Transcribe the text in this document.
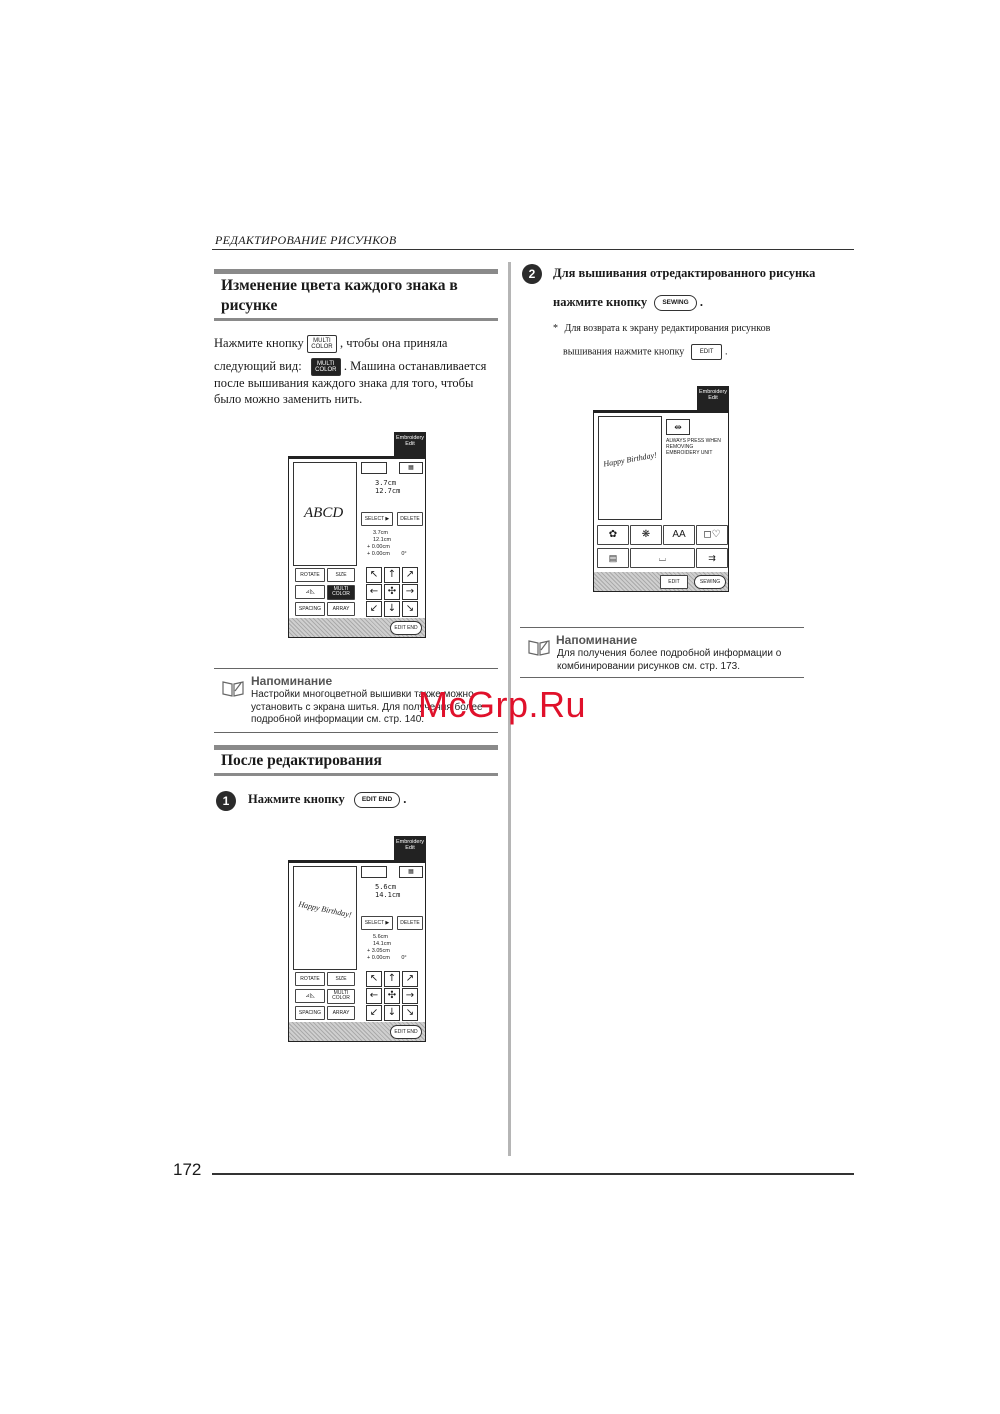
РЕДАКТИРОВАНИЕ РИСУНКОВ
Изменение цвета каждого знака в
рисунке
Нажмите кнопку MULTI COLOR , чтобы она приняла
следующий вид:	MULTI COLOR . Машина останавливается
после вышивания каждого знака для того, чтобы
было можно заменить нить.
Embroidery Edit
ABCD
▦
3.7cm
12.7cm
SELECT ▶	DELETE
3.7cm
12.1cm
+ 0.00cm
+ 0.00cm 0°
ROTATE	SIZE
⊿|◺	MULTI COLOR
SPACING	ARRAY
↖ ↑ ↗
← ✣ →
↙ ↓ ↘
EDIT END
Напоминание
Настройки многоцветной вышивки также можно
установить с экрана шитья. Для получения более
подробной информации см. стр. 140.
После редактирования
1	Нажмите кнопку	EDIT END .
Embroidery Edit
Happy Birthday!
▦
5.6cm
14.1cm
SELECT ▶	DELETE
5.6cm
14.1cm
+ 3.05cm
+ 0.00cm 0°
ROTATE	SIZE
⊿|◺	MULTI COLOR
SPACING	ARRAY
↖ ↑ ↗
← ✣ →
↙ ↓ ↘
EDIT END
2	Для вышивания отредактированного рисунка
нажмите кнопку SEWING .
* Для возврата к экрану редактирования рисунков
вышивания нажмите кнопку	EDIT .
Embroidery Edit
Happy Birthday!
⇹
ALWAYS PRESS WHEN REMOVING EMBROIDERY UNIT
✿	❋	AA	◻♡
▤	⌴	⇉
EDIT	SEWING
Напоминание
Для получения более подробной информации о
комбинировании рисунков см. стр. 173.
McGrp.Ru
172
